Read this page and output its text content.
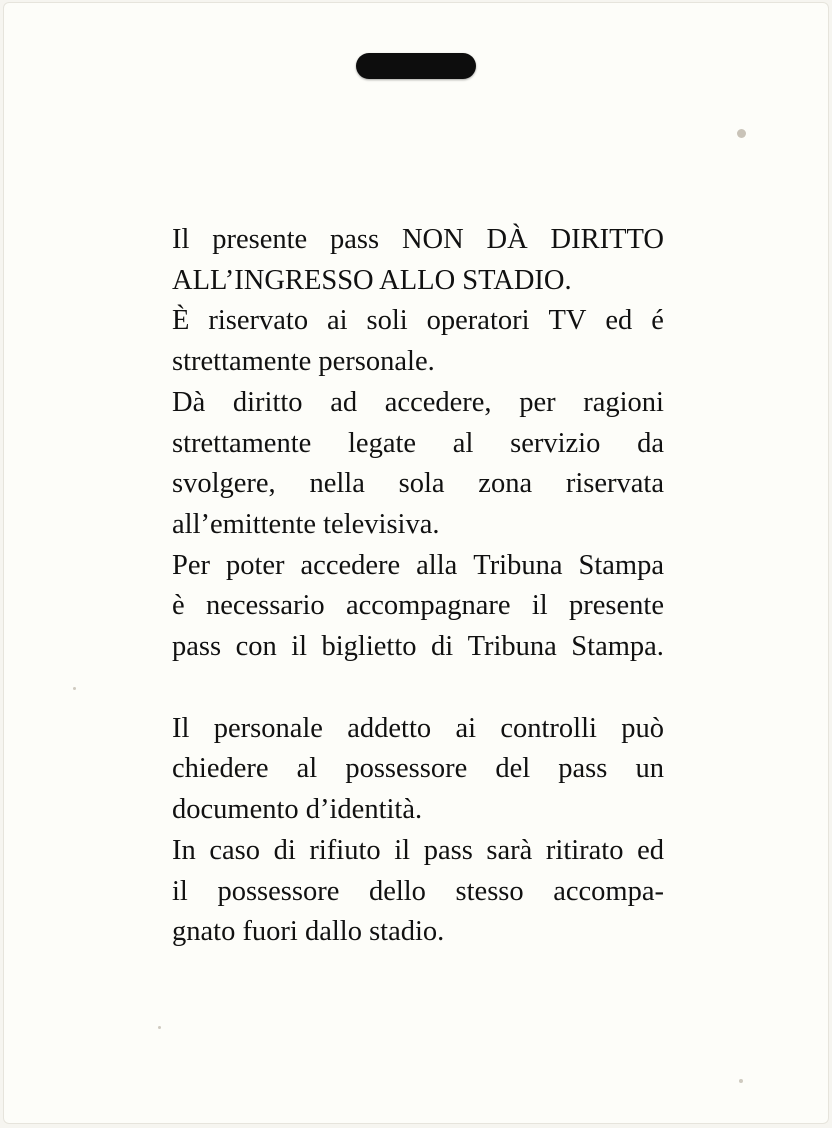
Il presente pass NON DÀ DIRITTO
ALL’INGRESSO ALLO STADIO.
È riservato ai soli operatori TV ed é
strettamente personale.
Dà diritto ad accedere, per ragioni
strettamente legate al servizio da
svolgere, nella sola zona riservata
all’emittente televisiva.
Per poter accedere alla Tribuna Stampa
è necessario accompagnare il presente
pass con il biglietto di Tribuna Stampa.
Il personale addetto ai controlli può
chiedere al possessore del pass un
documento d’identità.
In caso di rifiuto il pass sarà ritirato ed
il possessore dello stesso accompa-
gnato fuori dallo stadio.
